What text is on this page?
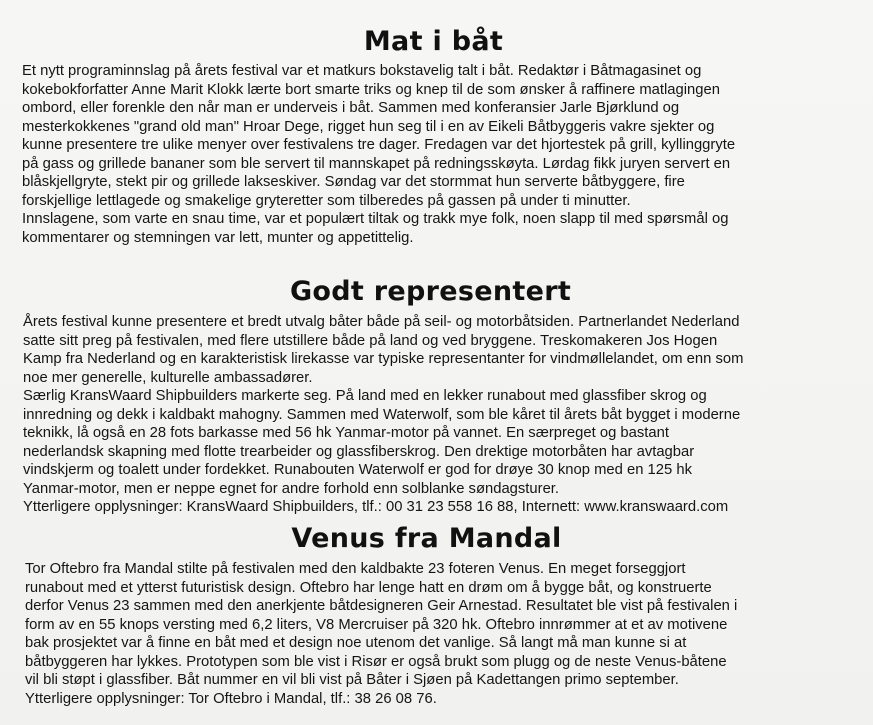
Mat i båt
Et nytt programinnslag på årets festival var et matkurs bokstavelig talt i båt. Redaktør i Båtmagasinet og
kokebokforfatter Anne Marit Klokk lærte bort smarte triks og knep til de som ønsker å raffinere matlagingen
ombord, eller forenkle den når man er underveis i båt. Sammen med konferansier Jarle Bjørklund og
mesterkokkenes "grand old man" Hroar Dege, rigget hun seg til i en av Eikeli Båtbyggeris vakre sjekter og
kunne presentere tre ulike menyer over festivalens tre dager. Fredagen var det hjortestek på grill, kyllinggryte
på gass og grillede bananer som ble servert til mannskapet på redningsskøyta. Lørdag fikk juryen servert en
blåskjellgryte, stekt pir og grillede lakseskiver. Søndag var det stormmat hun serverte båtbyggere, fire
forskjellige lettlagede og smakelige gryteretter som tilberedes på gassen på under ti minutter.
Innslagene, som varte en snau time, var et populært tiltak og trakk mye folk, noen slapp til med spørsmål og
kommentarer og stemningen var lett, munter og appetittelig.
Godt representert
Årets festival kunne presentere et bredt utvalg båter både på seil- og motorbåtsiden. Partnerlandet Nederland
satte sitt preg på festivalen, med flere utstillere både på land og ved bryggene. Treskomakeren Jos Hogen
Kamp fra Nederland og en karakteristisk lirekasse var typiske representanter for vindmøllelandet, om enn som
noe mer generelle, kulturelle ambassadører.
Særlig KransWaard Shipbuilders markerte seg. På land med en lekker runabout med glassfiber skrog og
innredning og dekk i kaldbakt mahogny. Sammen med Waterwolf, som ble kåret til årets båt bygget i moderne
teknikk, lå også en 28 fots barkasse med 56 hk Yanmar-motor på vannet. En særpreget og bastant
nederlandsk skapning med flotte trearbeider og glassfiberskrog. Den drektige motorbåten har avtagbar
vindskjerm og toalett under fordekket. Runabouten Waterwolf er god for drøye 30 knop med en 125 hk
Yanmar-motor, men er neppe egnet for andre forhold enn solblanke søndagsturer.
Ytterligere opplysninger: KransWaard Shipbuilders, tlf.: 00 31 23 558 16 88, Internett: www.kranswaard.com
Venus fra Mandal
Tor Oftebro fra Mandal stilte på festivalen med den kaldbakte 23 foteren Venus. En meget forseggjort
runabout med et ytterst futuristisk design. Oftebro har lenge hatt en drøm om å bygge båt, og konstruerte
derfor Venus 23 sammen med den anerkjente båtdesigneren Geir Arnestad. Resultatet ble vist på festivalen i
form av en 55 knops versting med 6,2 liters, V8 Mercruiser på 320 hk. Oftebro innrømmer at et av motivene
bak prosjektet var å finne en båt med et design noe utenom det vanlige. Så langt må man kunne si at
båtbyggeren har lykkes. Prototypen som ble vist i Risør er også brukt som plugg og de neste Venus-båtene
vil bli støpt i glassfiber. Båt nummer en vil bli vist på Båter i Sjøen på Kadettangen primo september.
Ytterligere opplysninger: Tor Oftebro i Mandal, tlf.: 38 26 08 76.
